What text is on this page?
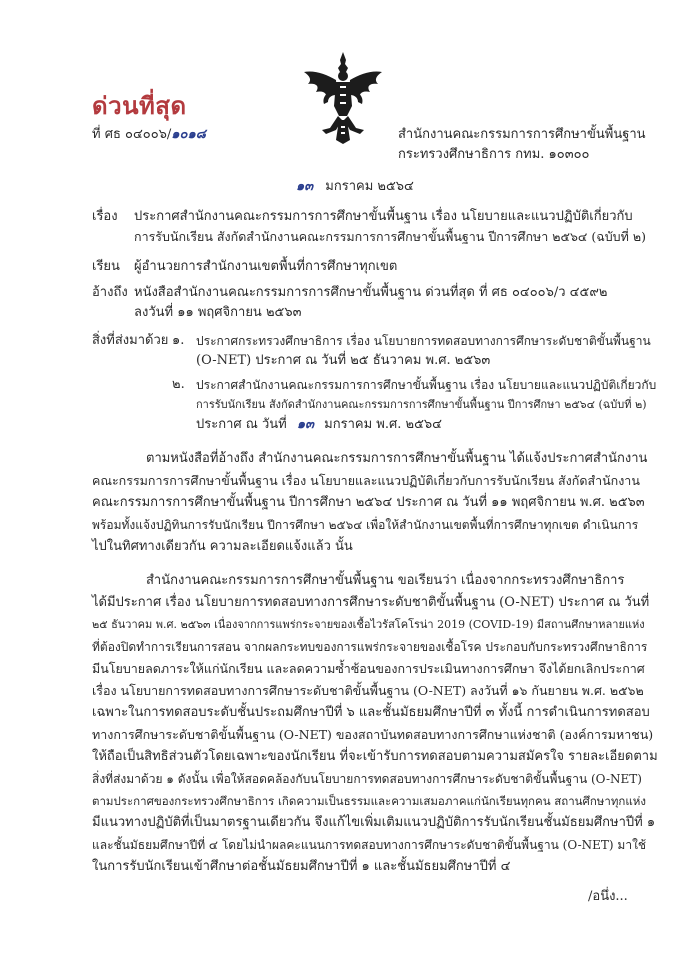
ด่วนที่สุด
ที่ ศธ ๐๔๐๐๖/๑๐๑๘	สำนักงานคณะกรรมการการศึกษาขั้นพื้นฐาน
กระทรวงศึกษาธิการ กทม. ๑๐๓๐๐
๑๓ มกราคม ๒๕๖๔
เรื่อง ประกาศสำนักงานคณะกรรมการการศึกษาขั้นพื้นฐาน เรื่อง นโยบายและแนวปฏิบัติเกี่ยวกับ
การรับนักเรียน สังกัดสำนักงานคณะกรรมการการศึกษาขั้นพื้นฐาน ปีการศึกษา ๒๕๖๔ (ฉบับที่ ๒)
เรียน ผู้อำนวยการสำนักงานเขตพื้นที่การศึกษาทุกเขต
อ้างถึง หนังสือสำนักงานคณะกรรมการการศึกษาขั้นพื้นฐาน ด่วนที่สุด ที่ ศธ ๐๔๐๐๖/ว ๔๕๙๒
ลงวันที่ ๑๑ พฤศจิกายน ๒๕๖๓
สิ่งที่ส่งมาด้วย ๑. ประกาศกระทรวงศึกษาธิการ เรื่อง นโยบายการทดสอบทางการศึกษาระดับชาติขั้นพื้นฐาน
(O-NET) ประกาศ ณ วันที่ ๒๕ ธันวาคม พ.ศ. ๒๕๖๓
๒. ประกาศสำนักงานคณะกรรมการการศึกษาขั้นพื้นฐาน เรื่อง นโยบายและแนวปฏิบัติเกี่ยวกับ
การรับนักเรียน สังกัดสำนักงานคณะกรรมการการศึกษาขั้นพื้นฐาน ปีการศึกษา ๒๕๖๔ (ฉบับที่ ๒)
ประกาศ ณ วันที่ ๑๓ มกราคม พ.ศ. ๒๕๖๔
ตามหนังสือที่อ้างถึง สำนักงานคณะกรรมการการศึกษาขั้นพื้นฐาน ได้แจ้งประกาศสำนักงาน
คณะกรรมการการศึกษาขั้นพื้นฐาน เรื่อง นโยบายและแนวปฏิบัติเกี่ยวกับการรับนักเรียน สังกัดสำนักงาน
คณะกรรมการการศึกษาขั้นพื้นฐาน ปีการศึกษา ๒๕๖๔ ประกาศ ณ วันที่ ๑๑ พฤศจิกายน พ.ศ. ๒๕๖๓
พร้อมทั้งแจ้งปฏิทินการรับนักเรียน ปีการศึกษา ๒๕๖๔ เพื่อให้สำนักงานเขตพื้นที่การศึกษาทุกเขต ดำเนินการ
ไปในทิศทางเดียวกัน ความละเอียดแจ้งแล้ว นั้น
สำนักงานคณะกรรมการการศึกษาขั้นพื้นฐาน ขอเรียนว่า เนื่องจากกระทรวงศึกษาธิการ
ได้มีประกาศ เรื่อง นโยบายการทดสอบทางการศึกษาระดับชาติขั้นพื้นฐาน (O-NET) ประกาศ ณ วันที่
๒๕ ธันวาคม พ.ศ. ๒๕๖๓ เนื่องจากการแพร่กระจายของเชื้อไวรัสโคโรน่า 2019 (COVID-19) มีสถานศึกษาหลายแห่ง
ที่ต้องปิดทำการเรียนการสอน จากผลกระทบของการแพร่กระจายของเชื้อโรค ประกอบกับกระทรวงศึกษาธิการ
มีนโยบายลดภาระให้แก่นักเรียน และลดความซ้ำซ้อนของการประเมินทางการศึกษา จึงได้ยกเลิกประกาศ
เรื่อง นโยบายการทดสอบทางการศึกษาระดับชาติขั้นพื้นฐาน (O-NET) ลงวันที่ ๑๖ กันยายน พ.ศ. ๒๕๖๒
เฉพาะในการทดสอบระดับชั้นประถมศึกษาปีที่ ๖ และชั้นมัธยมศึกษาปีที่ ๓ ทั้งนี้ การดำเนินการทดสอบ
ทางการศึกษาระดับชาติขั้นพื้นฐาน (O-NET) ของสถาบันทดสอบทางการศึกษาแห่งชาติ (องค์การมหาชน)
ให้ถือเป็นสิทธิส่วนตัวโดยเฉพาะของนักเรียน ที่จะเข้ารับการทดสอบตามความสมัครใจ รายละเอียดตาม
สิ่งที่ส่งมาด้วย ๑ ดังนั้น เพื่อให้สอดคล้องกับนโยบายการทดสอบทางการศึกษาระดับชาติขั้นพื้นฐาน (O-NET)
ตามประกาศของกระทรวงศึกษาธิการ เกิดความเป็นธรรมและความเสมอภาคแก่นักเรียนทุกคน สถานศึกษาทุกแห่ง
มีแนวทางปฏิบัติที่เป็นมาตรฐานเดียวกัน จึงแก้ไขเพิ่มเติมแนวปฏิบัติการรับนักเรียนชั้นมัธยมศึกษาปีที่ ๑
และชั้นมัธยมศึกษาปีที่ ๔ โดยไม่นำผลคะแนนการทดสอบทางการศึกษาระดับชาติขั้นพื้นฐาน (O-NET) มาใช้
ในการรับนักเรียนเข้าศึกษาต่อชั้นมัธยมศึกษาปีที่ ๑ และชั้นมัธยมศึกษาปีที่ ๔
/อนึ่ง...
